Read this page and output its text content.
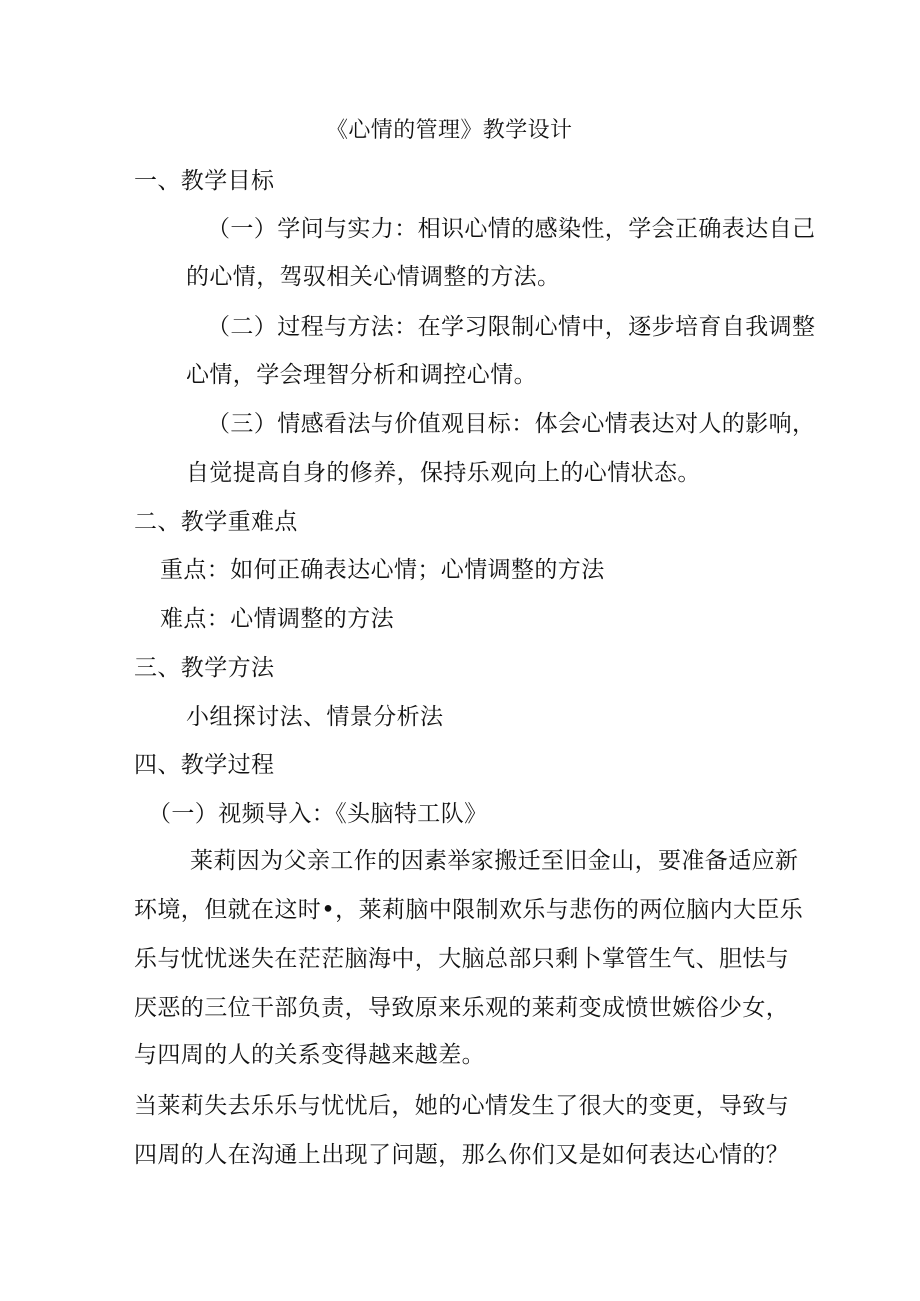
《心情的管理》教学设计
一、教学目标
（一）学问与实力：相识心情的感染性，学会正确表达自己
的心情，驾驭相关心情调整的方法。
（二）过程与方法：在学习限制心情中，逐步培育自我调整
心情，学会理智分析和调控心情。
（三）情感看法与价值观目标：体会心情表达对人的影响，
自觉提高自身的修养，保持乐观向上的心情状态。
二、教学重难点
重点：如何正确表达心情；心情调整的方法
难点：心情调整的方法
三、教学方法
小组探讨法、情景分析法
四、教学过程
（一）视频导入：《头脑特工队》
莱莉因为父亲工作的因素举家搬迁至旧金山，要准备适应新
环境，但就在这时•，莱莉脑中限制欢乐与悲伤的两位脑内大臣乐
乐与忧忧迷失在茫茫脑海中，大脑总部只剩卜掌管生气、胆怯与
厌恶的三位干部负责，导致原来乐观的莱莉变成愤世嫉俗少女，
与四周的人的关系变得越来越差。
当莱莉失去乐乐与忧忧后，她的心情发生了很大的变更，导致与
四周的人在沟通上出现了问题，那么你们又是如何表达心情的？
